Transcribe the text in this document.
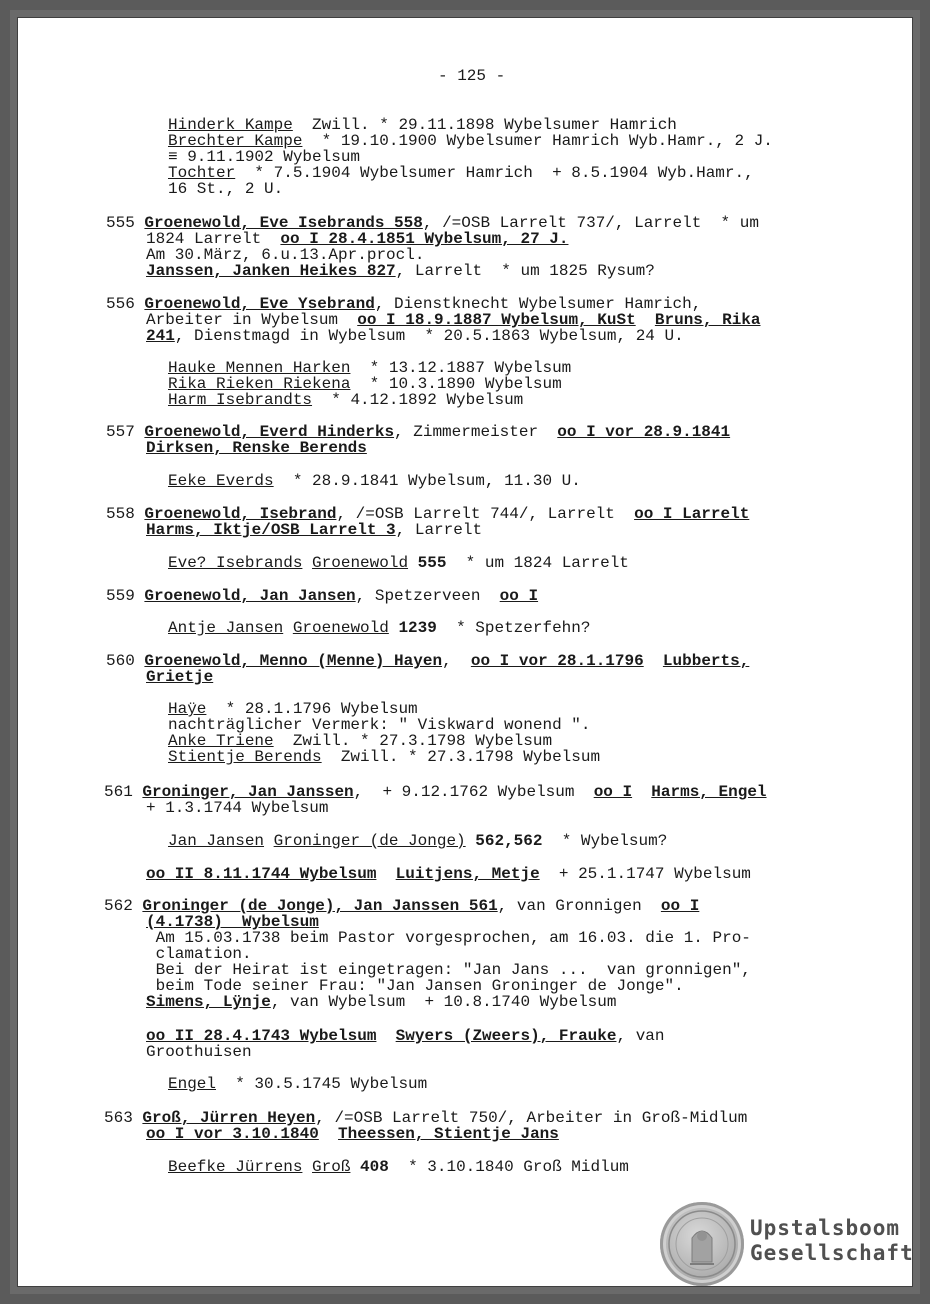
- 125 -

Hinderk Kampe  Zwill. * 29.11.1898 Wybelsumer Hamrich
Brechter Kampe  * 19.10.1900 Wybelsumer Hamrich Wyb.Hamr., 2 J.
≡ 9.11.1902 Wybelsum
Tochter  * 7.5.1904 Wybelsumer Hamrich  + 8.5.1904 Wyb.Hamr.,
16 St., 2 U.
555 Groenewold, Eve Isebrands 558, /=OSB Larrelt 737/, Larrelt  * um
1824 Larrelt  oo I 28.4.1851 Wybelsum, 27 J.
Am 30.März, 6.u.13.Apr.procl.
Janssen, Janken Heikes 827, Larrelt  * um 1825 Rysum?
556 Groenewold, Eve Ysebrand, Dienstknecht Wybelsumer Hamrich,
Arbeiter in Wybelsum  oo I 18.9.1887 Wybelsum, KuSt Bruns, Rika
241, Dienstmagd in Wybelsum  * 20.5.1863 Wybelsum, 24 U.
Hauke Mennen Harken  * 13.12.1887 Wybelsum
Rika Rieken Riekena  * 10.3.1890 Wybelsum
Harm Isebrandts  * 4.12.1892 Wybelsum
557 Groenewold, Everd Hinderks, Zimmermeister  oo I vor 28.9.1841
Dirksen, Renske Berends
Eeke Everds  * 28.9.1841 Wybelsum, 11.30 U.
558 Groenewold, Isebrand, /=OSB Larrelt 744/, Larrelt  oo I Larrelt
Harms, Iktje/OSB Larrelt 3, Larrelt
Eve? Isebrands Groenewold 555  * um 1824 Larrelt
559 Groenewold, Jan Jansen, Spetzerveen  oo I
Antje Jansen Groenewold 1239  * Spetzerfehn?
560 Groenewold, Menno (Menne) Hayen,  oo I vor 28.1.1796 Lubberts,
Grietje
Haÿe  * 28.1.1796 Wybelsum
nachträglicher Vermerk: " Viskward wonend ".
Anke Triene  Zwill. * 27.3.1798 Wybelsum
Stientje Berends  Zwill. * 27.3.1798 Wybelsum
561 Groninger, Jan Janssen,  + 9.12.1762 Wybelsum  oo I Harms, Engel
+ 1.3.1744 Wybelsum
Jan Jansen Groninger (de Jonge) 562,562  * Wybelsum?
oo II 8.11.1744 Wybelsum Luitjens, Metje  + 25.1.1747 Wybelsum
562 Groninger (de Jonge), Jan Janssen 561, van Gronnigen  oo I
(4.1738)  Wybelsum
Am 15.03.1738 beim Pastor vorgesprochen, am 16.03. die 1. Pro-
clamation.
Bei der Heirat ist eingetragen: "Jan Jans ...  van gronnigen",
beim Tode seiner Frau: "Jan Jansen Groninger de Jonge".
Simens, Lÿnje, van Wybelsum  + 10.8.1740 Wybelsum
oo II 28.4.1743 Wybelsum Swyers (Zweers), Frauke, van
Groothuisen
Engel  * 30.5.1745 Wybelsum
563 Groß, Jürren Heyen, /=OSB Larrelt 750/, Arbeiter in Groß-Midlum
oo I vor 3.10.1840 Theessen, Stientje Jans
Beefke Jürrens Groß 408  * 3.10.1840 Groß Midlum

Upstalsboom
Gesellschaft
